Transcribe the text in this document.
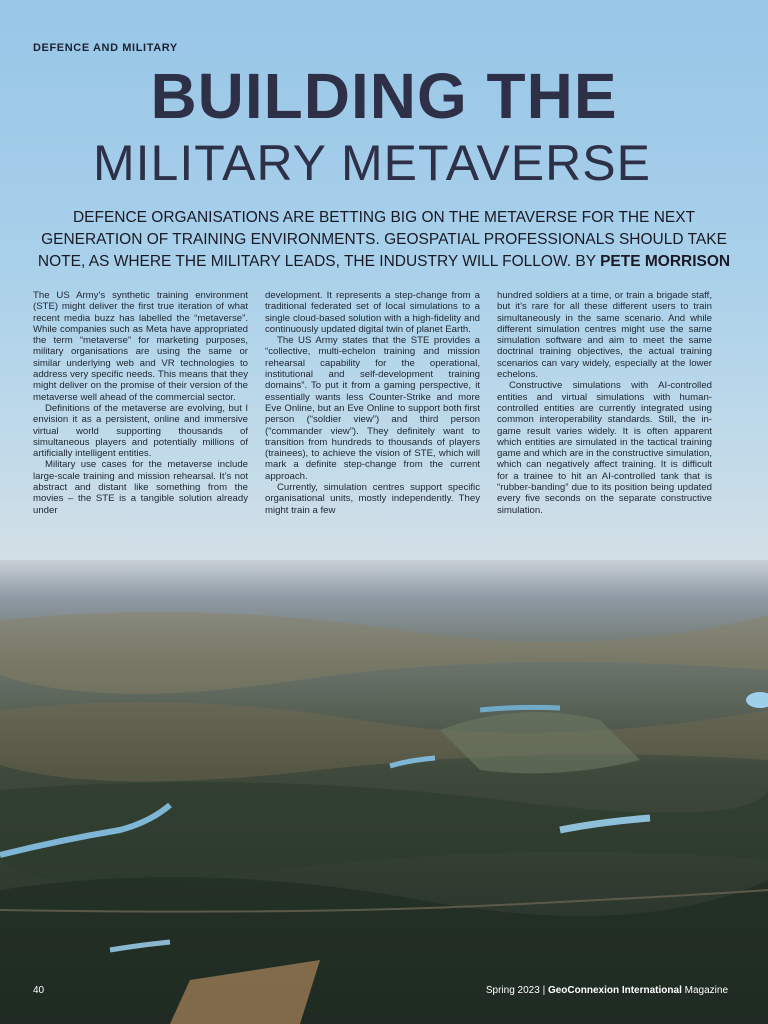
DEFENCE AND MILITARY
BUILDING THE
MILITARY METAVERSE
DEFENCE ORGANISATIONS ARE BETTING BIG ON THE METAVERSE FOR THE NEXT GENERATION OF TRAINING ENVIRONMENTS. GEOSPATIAL PROFESSIONALS SHOULD TAKE NOTE, AS WHERE THE MILITARY LEADS, THE INDUSTRY WILL FOLLOW. BY PETE MORRISON

The US Army’s synthetic training environment (STE) might deliver the first true iteration of what recent media buzz has labelled the “metaverse”. While companies such as Meta have appropriated the term “metaverse” for marketing purposes, military organisations are using the same or similar underlying web and VR technologies to address very specific needs. This means that they might deliver on the promise of their version of the metaverse well ahead of the commercial sector.

Definitions of the metaverse are evolving, but I envision it as a persistent, online and immersive virtual world supporting thousands of simultaneous players and potentially millions of artificially intelligent entities.

Military use cases for the metaverse include large-scale training and mission rehearsal. It’s not abstract and distant like something from the movies – the STE is a tangible solution already under

development. It represents a step-change from a traditional federated set of local simulations to a single cloud-based solution with a high-fidelity and continuously updated digital twin of planet Earth.

The US Army states that the STE provides a “collective, multi-echelon training and mission rehearsal capability for the operational, institutional and self-development training domains”. To put it from a gaming perspective, it essentially wants less Counter-Strike and more Eve Online, but an Eve Online to support both first person (“soldier view”) and third person (“commander view”). They definitely want to transition from hundreds to thousands of players (trainees), to achieve the vision of STE, which will mark a definite step-change from the current approach.

Currently, simulation centres support specific organisational units, mostly independently. They might train a few

hundred soldiers at a time, or train a brigade staff, but it’s rare for all these different users to train simultaneously in the same scenario. And while different simulation centres might use the same simulation software and aim to meet the same doctrinal training objectives, the actual training scenarios can vary widely, especially at the lower echelons.

Constructive simulations with AI-controlled entities and virtual simulations with human-controlled entities are currently integrated using common interoperability standards. Still, the in-game result varies widely. It is often apparent which entities are simulated in the tactical training game and which are in the constructive simulation, which can negatively affect training. It is difficult for a trainee to hit an AI-controlled tank that is “rubber-banding” due to its position being updated every five seconds on the separate constructive simulation.

40	Spring 2023 | GeoConnexion International Magazine
